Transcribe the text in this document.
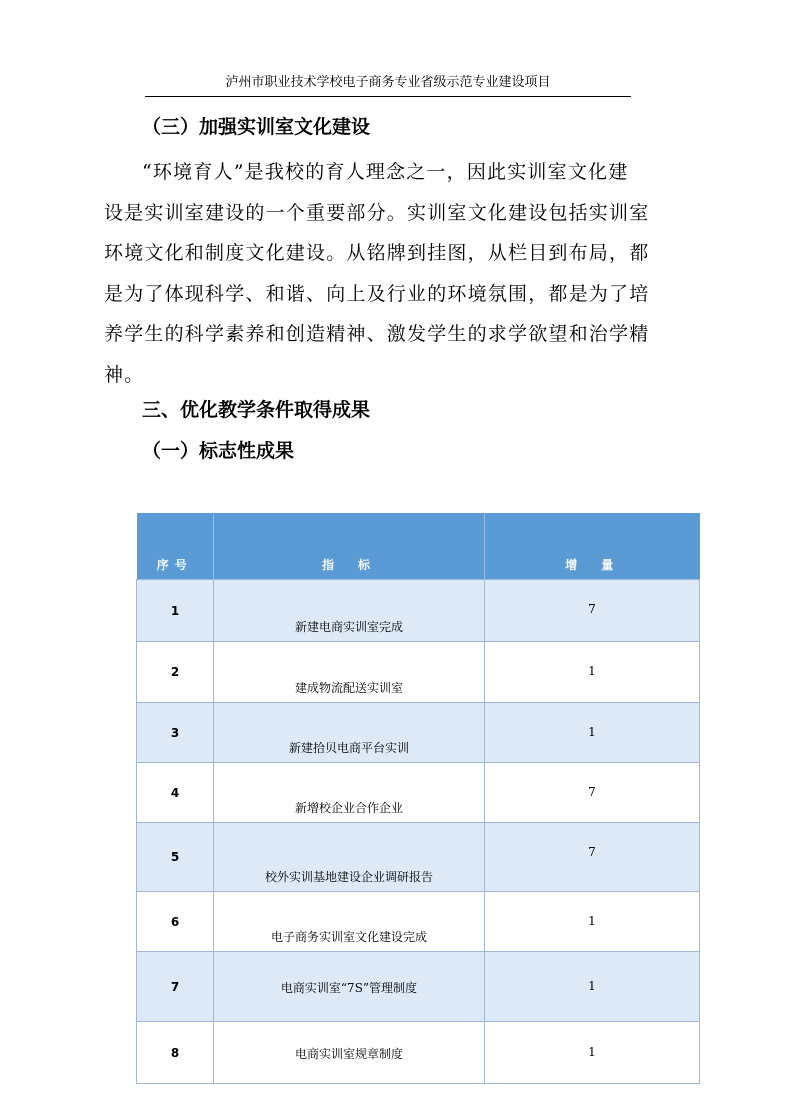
泸州市职业技术学校电子商务专业省级示范专业建设项目
（三）加强实训室文化建设
“环境育人”是我校的育人理念之一，因此实训室文化建
设是实训室建设的一个重要部分。实训室文化建设包括实训室
环境文化和制度文化建设。从铭牌到挂图，从栏目到布局，都
是为了体现科学、和谐、向上及行业的环境氛围，都是为了培
养学生的科学素养和创造精神、激发学生的求学欲望和治学精
神。
三、优化教学条件取得成果
（一）标志性成果
序号	指　标	增　量
1	新建电商实训室完成	7
2	建成物流配送实训室	1
3	新建拾贝电商平台实训	1
4	新增校企业合作企业	7
5	校外实训基地建设企业调研报告	7
6	电子商务实训室文化建设完成	1
7	电商实训室“7S”管理制度	1
8	电商实训室规章制度	1
